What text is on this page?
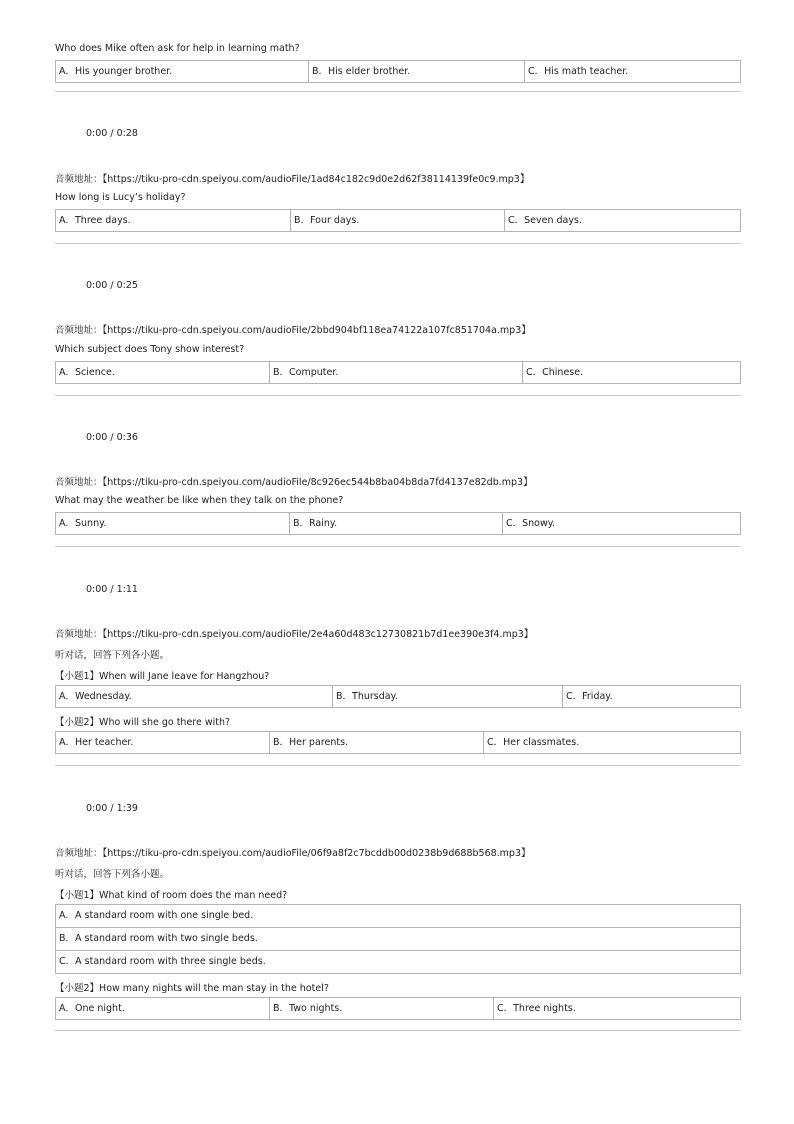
Who does Mike often ask for help in learning math?
A．His younger brother.	B．His elder brother.	C．His math teacher.
0:00 / 0:28
音频地址：【https://tiku-pro-cdn.speiyou.com/audioFile/1ad84c182c9d0e2d62f38114139fe0c9.mp3】
How long is Lucy’s holiday?
A．Three days.	B．Four days.	C．Seven days.
0:00 / 0:25
音频地址：【https://tiku-pro-cdn.speiyou.com/audioFile/2bbd904bf118ea74122a107fc851704a.mp3】
Which subject does Tony show interest?
A．Science.	B．Computer.	C．Chinese.
0:00 / 0:36
音频地址：【https://tiku-pro-cdn.speiyou.com/audioFile/8c926ec544b8ba04b8da7fd4137e82db.mp3】
What may the weather be like when they talk on the phone?
A．Sunny.	B．Rainy.	C．Snowy.
0:00 / 1:11
音频地址：【https://tiku-pro-cdn.speiyou.com/audioFile/2e4a60d483c12730821b7d1ee390e3f4.mp3】
听对话，回答下列各小题。
【小题1】When will Jane leave for Hangzhou?
A．Wednesday.	B．Thursday.	C．Friday.
【小题2】Who will she go there with?
A．Her teacher.	B．Her parents.	C．Her classmates.
0:00 / 1:39
音频地址：【https://tiku-pro-cdn.speiyou.com/audioFile/06f9a8f2c7bcddb00d0238b9d688b568.mp3】
听对话，回答下列各小题。
【小题1】What kind of room does the man need?
A．A standard room with one single bed.
B．A standard room with two single beds.
C．A standard room with three single beds.
【小题2】How many nights will the man stay in the hotel?
A．One night.	B．Two nights.	C．Three nights.
